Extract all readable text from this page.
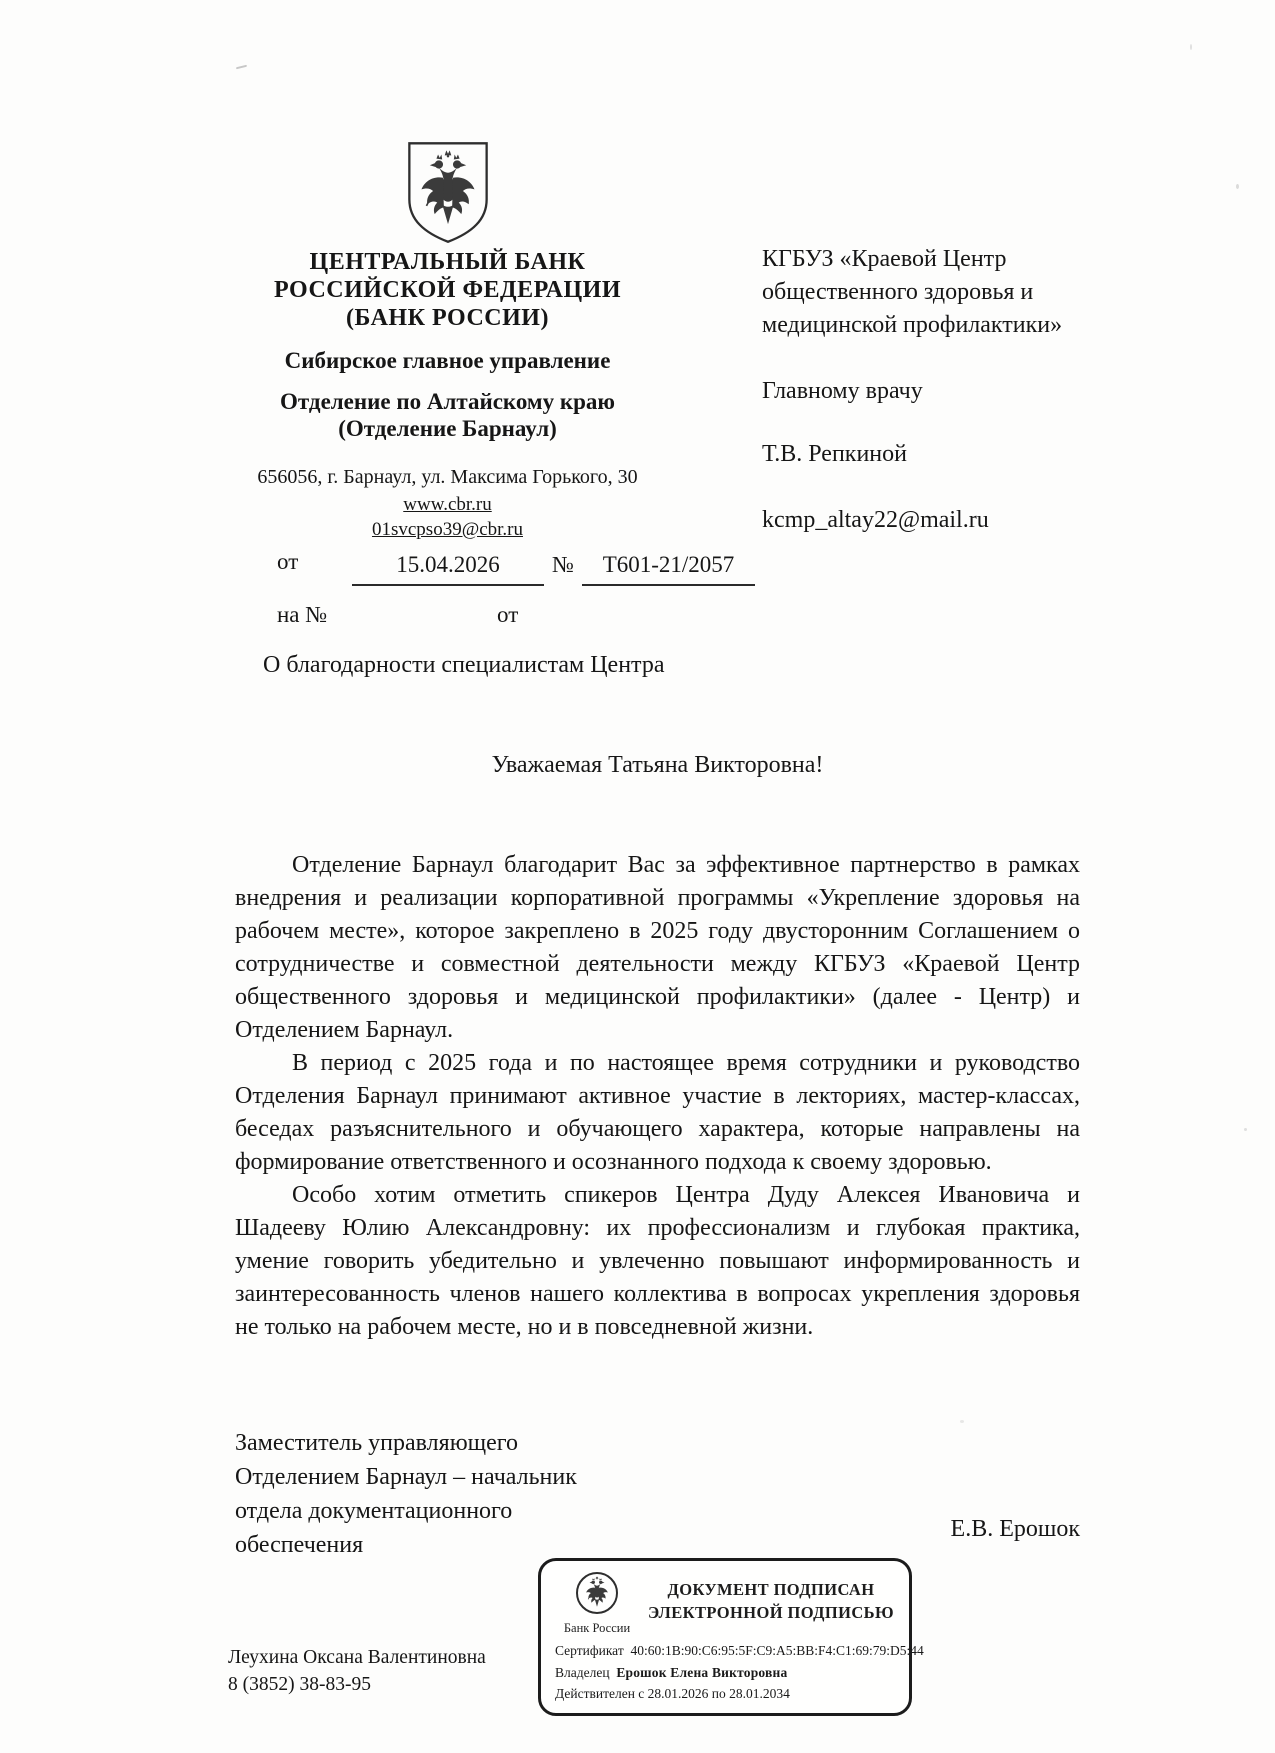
ЦЕНТРАЛЬНЫЙ БАНК
РОССИЙСКОЙ ФЕДЕРАЦИИ
(БАНК РОССИИ)
Сибирское главное управление
Отделение по Алтайскому краю
(Отделение Барнаул)
656056, г. Барнаул, ул. Максима Горького, 30
www.cbr.ru
01svcpso39@cbr.ru
от	15.04.2026	№	Т601-21/2057
на №	от
О благодарности специалистам Центра
КГБУЗ «Краевой Центр
общественного здоровья и
медицинской профилактики»
Главному врачу
Т.В. Репкиной
kcmp_altay22@mail.ru
Уважаемая Татьяна Викторовна!

Отделение Барнаул благодарит Вас за эффективное партнерство в рамках внедрения и реализации корпоративной программы «Укрепление здоровья на рабочем месте», которое закреплено в 2025 году двусторонним Соглашением о сотрудничестве и совместной деятельности между КГБУЗ «Краевой Центр общественного здоровья и медицинской профилактики» (далее - Центр) и Отделением Барнаул.

В период с 2025 года и по настоящее время сотрудники и руководство Отделения Барнаул принимают активное участие в лекториях, мастер-классах, беседах разъяснительного и обучающего характера, которые направлены на формирование ответственного и осознанного подхода к своему здоровью.

Особо хотим отметить спикеров Центра Дуду Алексея Ивановича и Шадееву Юлию Александровну: их профессионализм и глубокая практика, умение говорить убедительно и увлеченно повышают информированность и заинтересованность членов нашего коллектива в вопросах укрепления здоровья не только на рабочем месте, но и в повседневной жизни.

Заместитель управляющего
Отделением Барнаул – начальник
отдела документационного
обеспечения
Е.В. Ерошок
Банк России
ДОКУМЕНТ ПОДПИСАН
ЭЛЕКТРОННОЙ ПОДПИСЬЮ
Сертификат 40:60:1B:90:C6:95:5F:C9:A5:BB:F4:C1:69:79:D5:44
Владелец Ерошок Елена Викторовна
Действителен с 28.01.2026 по 28.01.2034
Леухина Оксана Валентиновна
8 (3852) 38-83-95
